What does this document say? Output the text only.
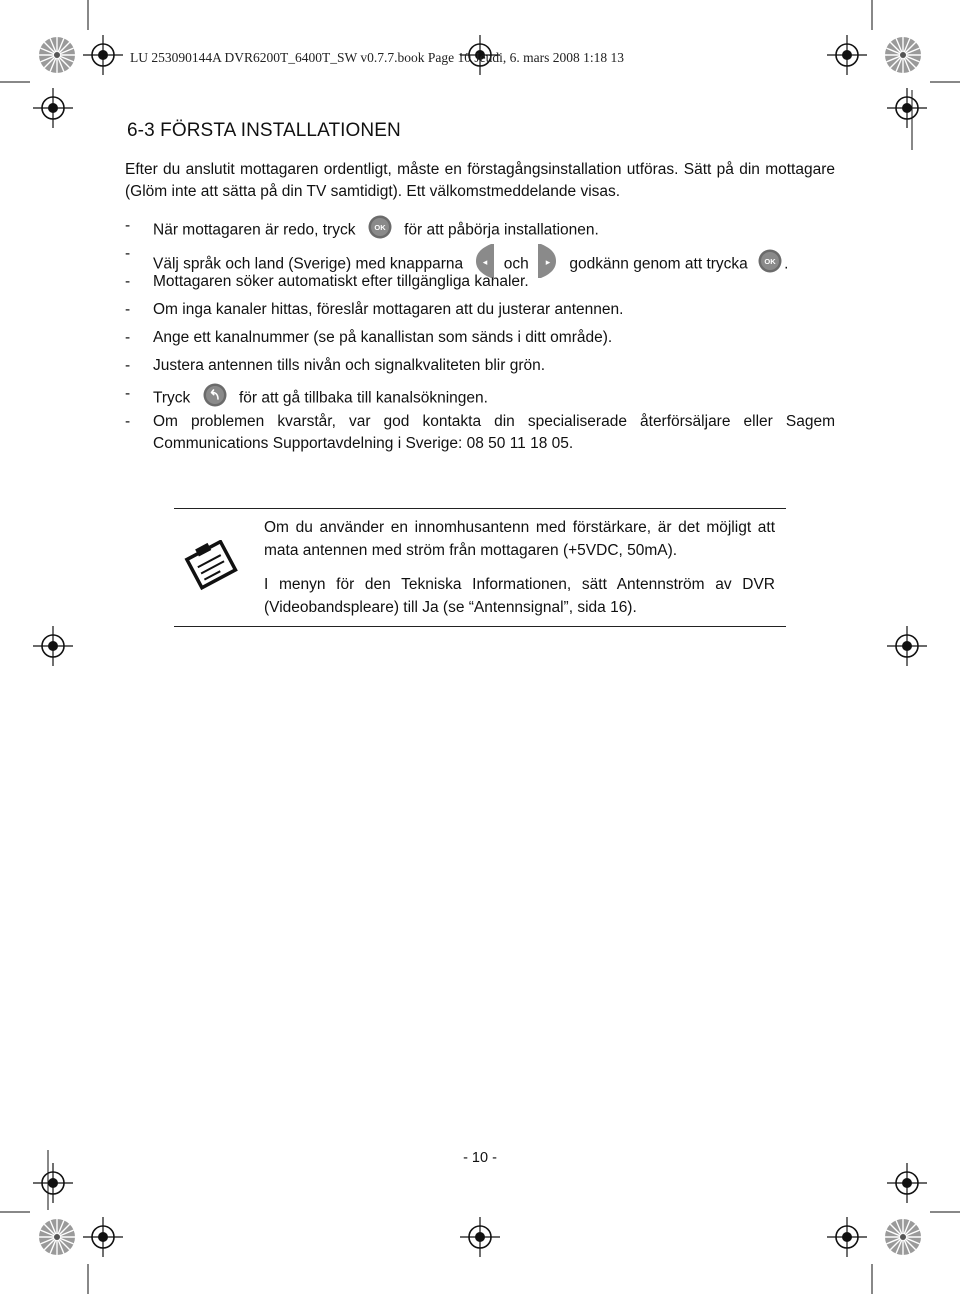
LU 253090144A DVR6200T_6400T_SW v0.7.7.book Page 10 Jeudi, 6. mars 2008 1:18 13
6-3 FÖRSTA INSTALLATIONEN
Efter du anslutit mottagaren ordentligt, måste en förstagångsinstallation utföras. Sätt på din mottagare (Glöm inte att sätta på din TV samtidigt). Ett välkomstmeddelande visas.
- När mottagaren är redo, tryck OK för att påbörja installationen.
-
Välj språk och land (Sverige) med knapparna ◂ och ▸ godkänn genom att trycka OK .
- Mottagaren söker automatiskt efter tillgängliga kanaler.
- Om inga kanaler hittas, föreslår mottagaren att du justerar antennen.
- Ange ett kanalnummer (se på kanallistan som sänds i ditt område).
- Justera antennen tills nivån och signalkvaliteten blir grön.
- Tryck	för att gå tillbaka till kanalsökningen.
- Om problemen kvarstår, var god kontakta din specialiserade återförsäljare eller Sagem Communications Supportavdelning i Sverige: 08 50 11 18 05.

Om du använder en innomhusantenn med förstärkare, är det möjligt att mata antennen med ström från mottagaren (+5VDC, 50mA).

I menyn för den Tekniska Informationen, sätt Antennström av DVR (Videobandspleare) till Ja (se “Antennsignal”, sida 16).

- 10 -
